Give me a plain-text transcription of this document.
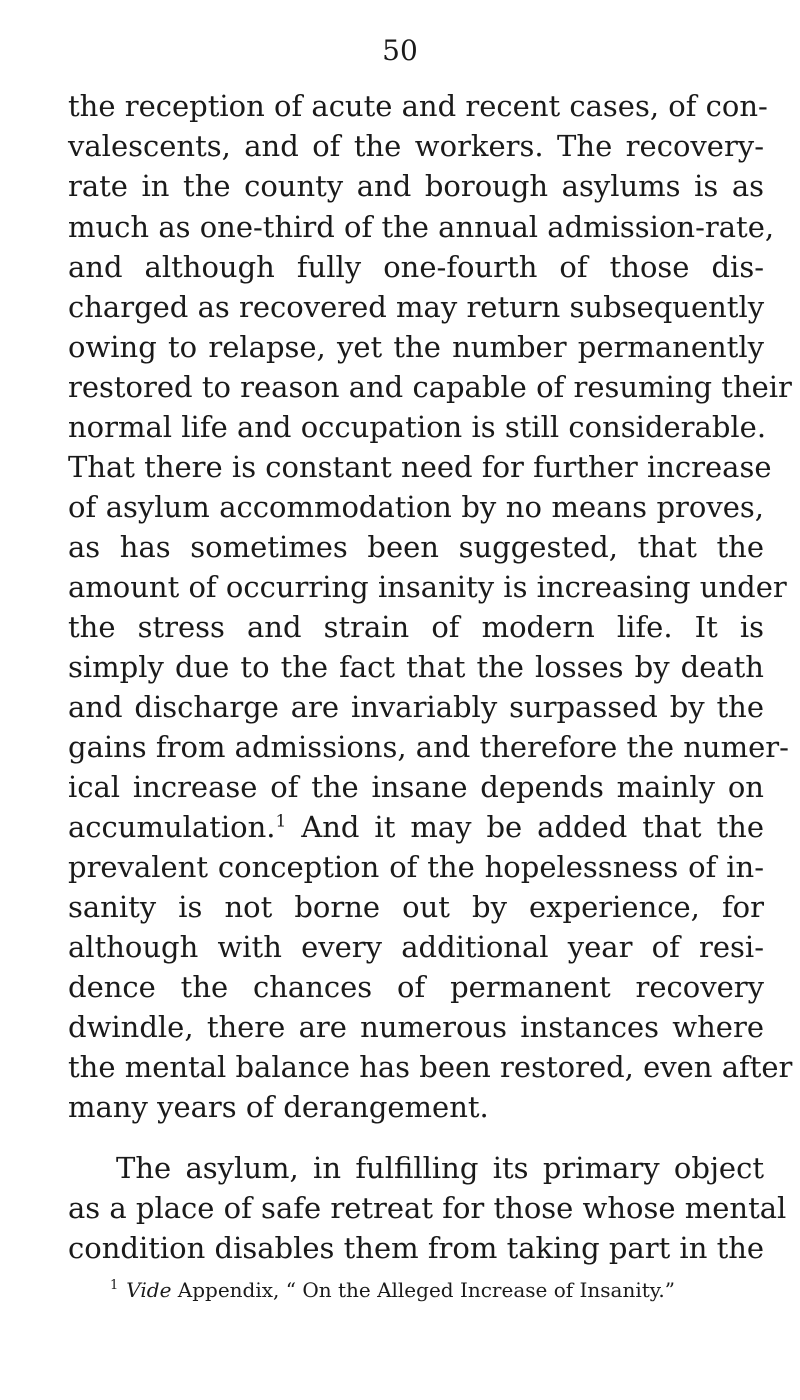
50
the reception of acute and recent cases, of con-
valescents, and of the workers. The recovery-
rate in the county and borough asylums is as
much as one-third of the annual admission-rate,
and although fully one-fourth of those dis-
charged as recovered may return subsequently
owing to relapse, yet the number permanently
restored to reason and capable of resuming their
normal life and occupation is still considerable.
That there is constant need for further increase
of asylum accommodation by no means proves,
as has sometimes been suggested, that the
amount of occurring insanity is increasing under
the stress and strain of modern life. It is
simply due to the fact that the losses by death
and discharge are invariably surpassed by the
gains from admissions, and therefore the numer-
ical increase of the insane depends mainly on
accumulation.$^1$ And it may be added that the
prevalent conception of the hopelessness of in-
sanity is not borne out by experience, for
although with every additional year of resi-
dence the chances of permanent recovery
dwindle, there are numerous instances where
the mental balance has been restored, even after
many years of derangement.
The asylum, in fulfilling its primary object
as a place of safe retreat for those whose mental
condition disables them from taking part in the
$^1$ Vide Appendix, “ On the Alleged Increase of Insanity.”
